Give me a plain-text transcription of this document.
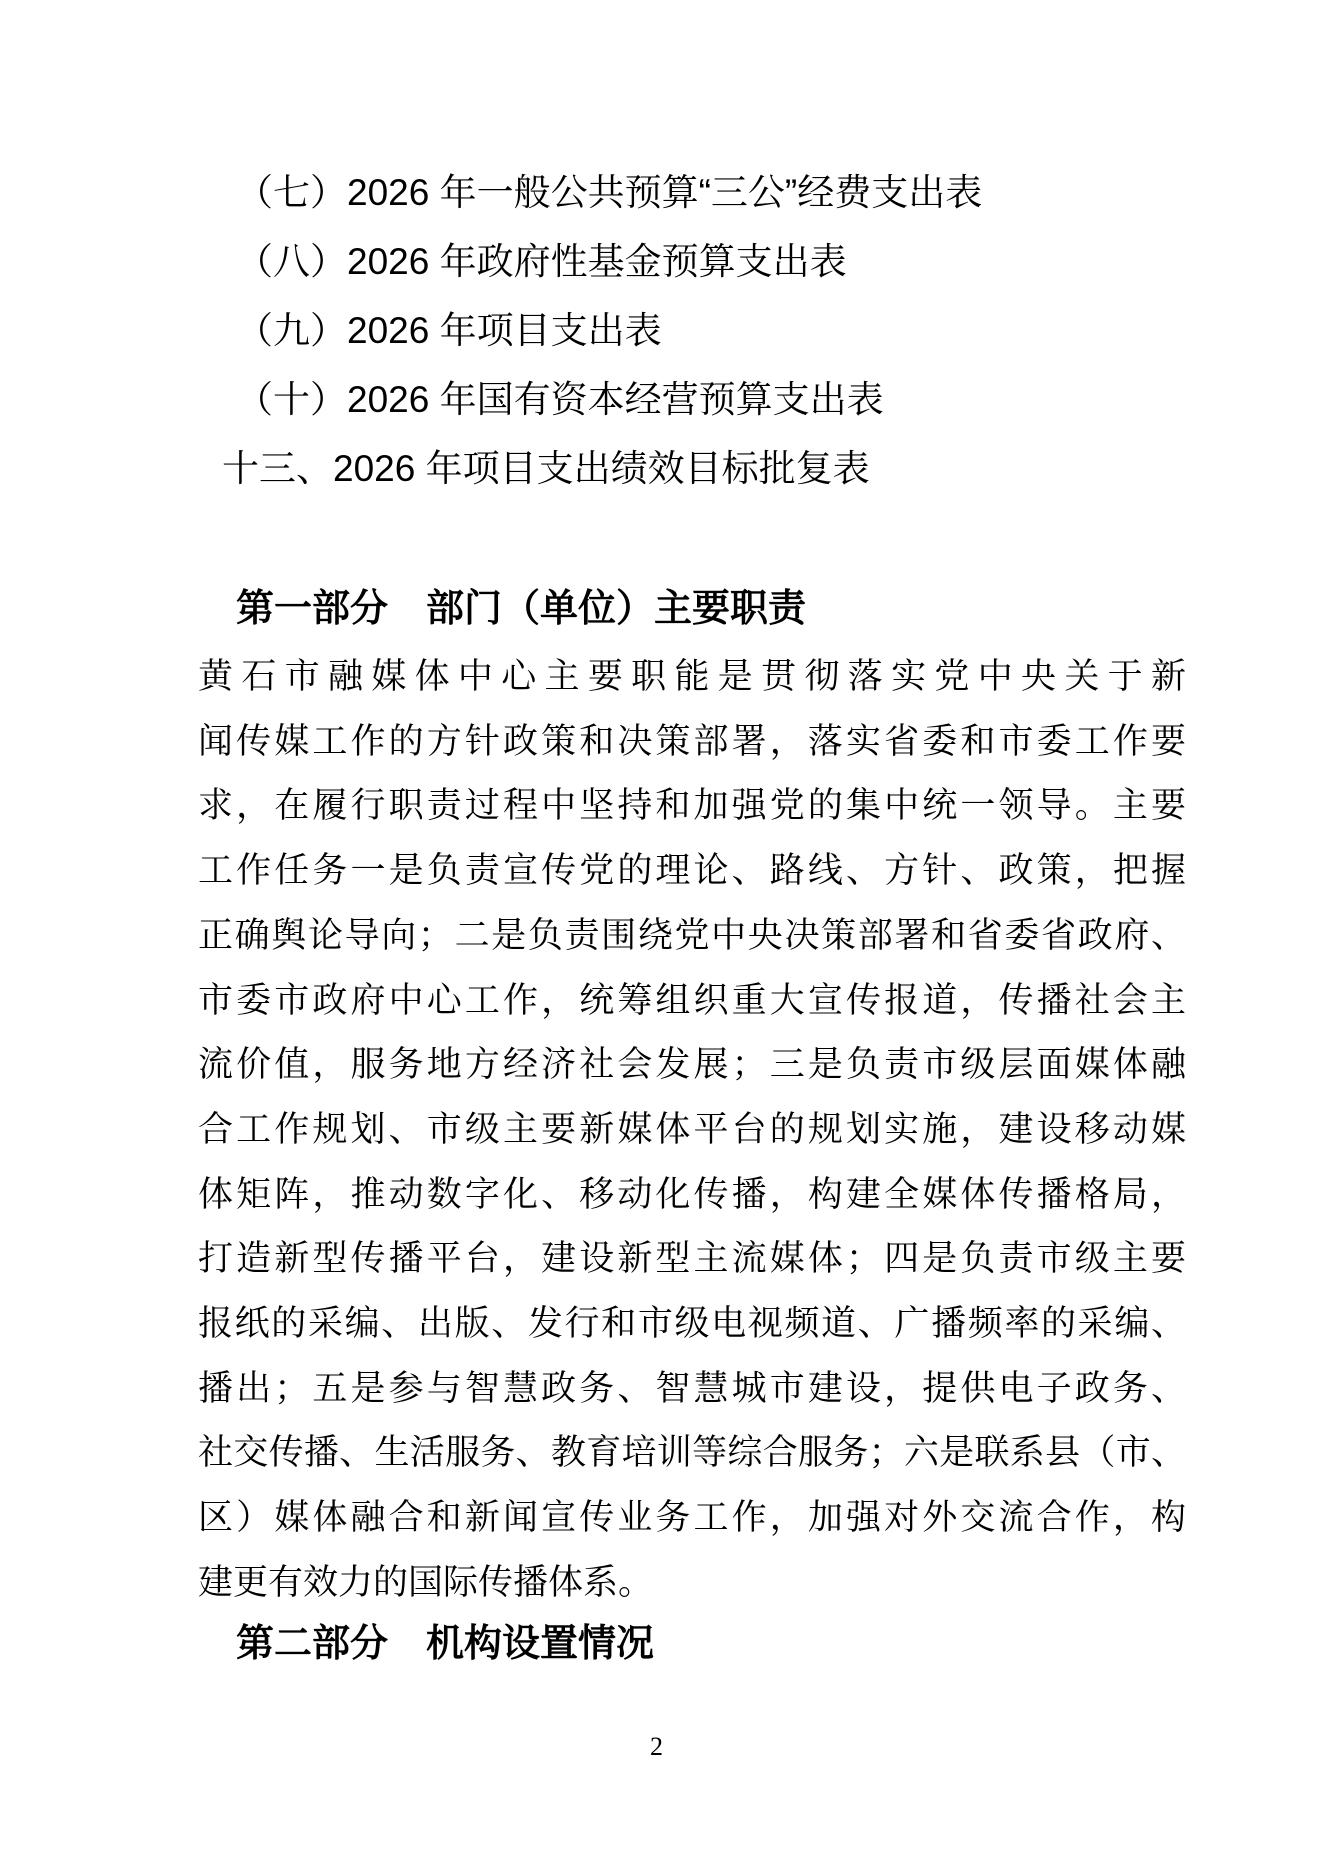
（七）2026 年一般公共预算“三公”经费支出表
（八）2026 年政府性基金预算支出表
（九）2026 年项目支出表
（十）2026 年国有资本经营预算支出表
十三、2026 年项目支出绩效目标批复表
第一部分　部门（单位）主要职责
黄石市融媒体中心主要职能是贯彻落实党中央关于新
闻传媒工作的方针政策和决策部署，落实省委和市委工作要
求，在履行职责过程中坚持和加强党的集中统一领导。主要
工作任务一是负责宣传党的理论、路线、方针、政策，把握
正确舆论导向；二是负责围绕党中央决策部署和省委省政府、
市委市政府中心工作，统筹组织重大宣传报道，传播社会主
流价值，服务地方经济社会发展；三是负责市级层面媒体融
合工作规划、市级主要新媒体平台的规划实施，建设移动媒
体矩阵，推动数字化、移动化传播，构建全媒体传播格局，
打造新型传播平台，建设新型主流媒体；四是负责市级主要
报纸的采编、出版、发行和市级电视频道、广播频率的采编、
播出；五是参与智慧政务、智慧城市建设，提供电子政务、
社交传播、生活服务、教育培训等综合服务；六是联系县（市、
区）媒体融合和新闻宣传业务工作，加强对外交流合作，构
建更有效力的国际传播体系。
第二部分　机构设置情况
2
